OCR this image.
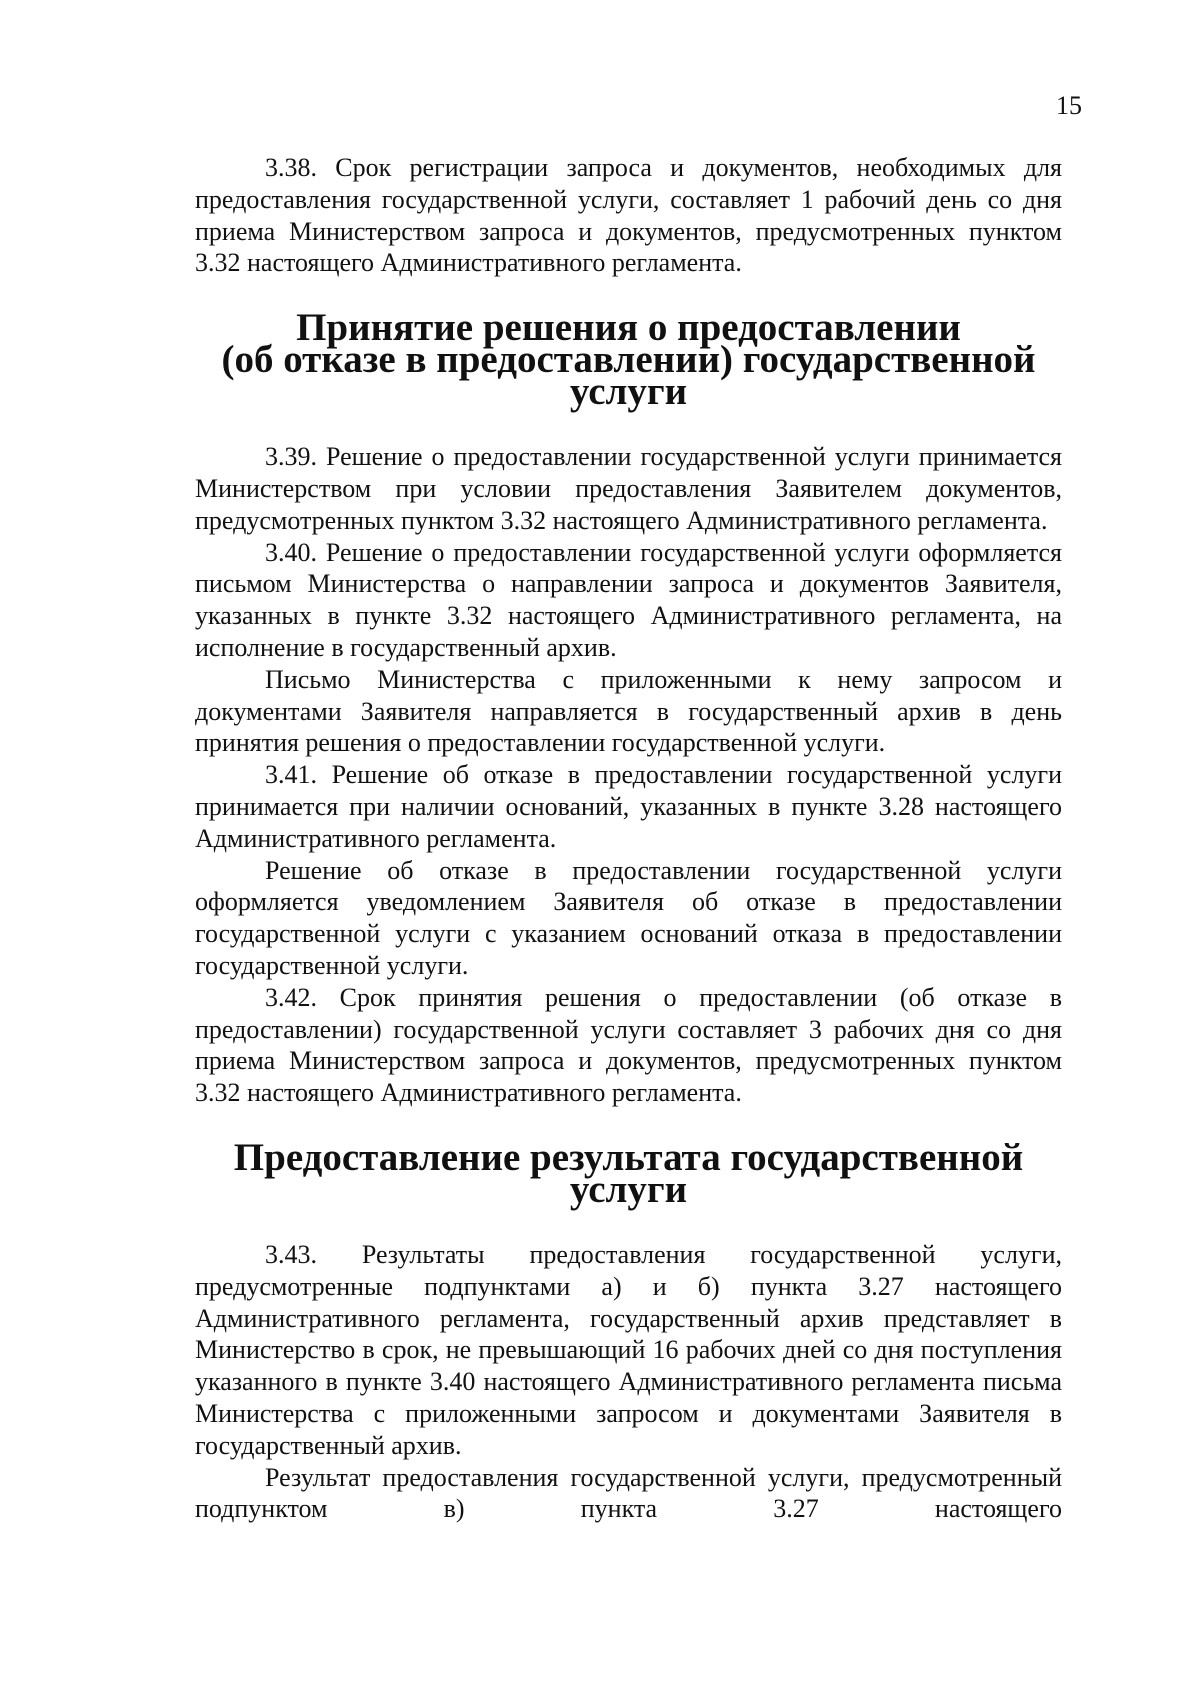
15

3.38. Срок регистрации запроса и документов, необходимых для предоставления государственной услуги, составляет 1 рабочий день со дня приема Министерством запроса и документов, предусмотренных пунктом 3.32 настоящего Административного регламента.

Принятие решения о предоставлении
(об отказе в предоставлении) государственной услуги

3.39. Решение о предоставлении государственной услуги принимается Министерством при условии предоставления Заявителем документов, предусмотренных пунктом 3.32 настоящего Административного регламента.

3.40. Решение о предоставлении государственной услуги оформляется письмом Министерства о направлении запроса и документов Заявителя, указанных в пункте 3.32 настоящего Административного регламента, на исполнение в государственный архив.

Письмо Министерства с приложенными к нему запросом и документами Заявителя направляется в государственный архив в день принятия решения о предоставлении государственной услуги.

3.41. Решение об отказе в предоставлении государственной услуги принимается при наличии оснований, указанных в пункте 3.28 настоящего Административного регламента.

Решение об отказе в предоставлении государственной услуги оформляется уведомлением Заявителя об отказе в предоставлении государственной услуги с указанием оснований отказа в предоставлении государственной услуги.

3.42. Срок принятия решения о предоставлении (об отказе в предоставлении) государственной услуги составляет 3 рабочих дня со дня приема Министерством запроса и документов, предусмотренных пунктом 3.32 настоящего Административного регламента.

Предоставление результата государственной услуги

3.43. Результаты предоставления государственной услуги, предусмотренные подпунктами а) и б) пункта 3.27 настоящего Административного регламента, государственный архив представляет в Министерство в срок, не превышающий 16 рабочих дней со дня поступления указанного в пункте 3.40 настоящего Административного регламента письма Министерства с приложенными запросом и документами Заявителя в государственный архив.

Результат предоставления государственной услуги, предусмотренный подпунктом в) пункта 3.27 настоящего
